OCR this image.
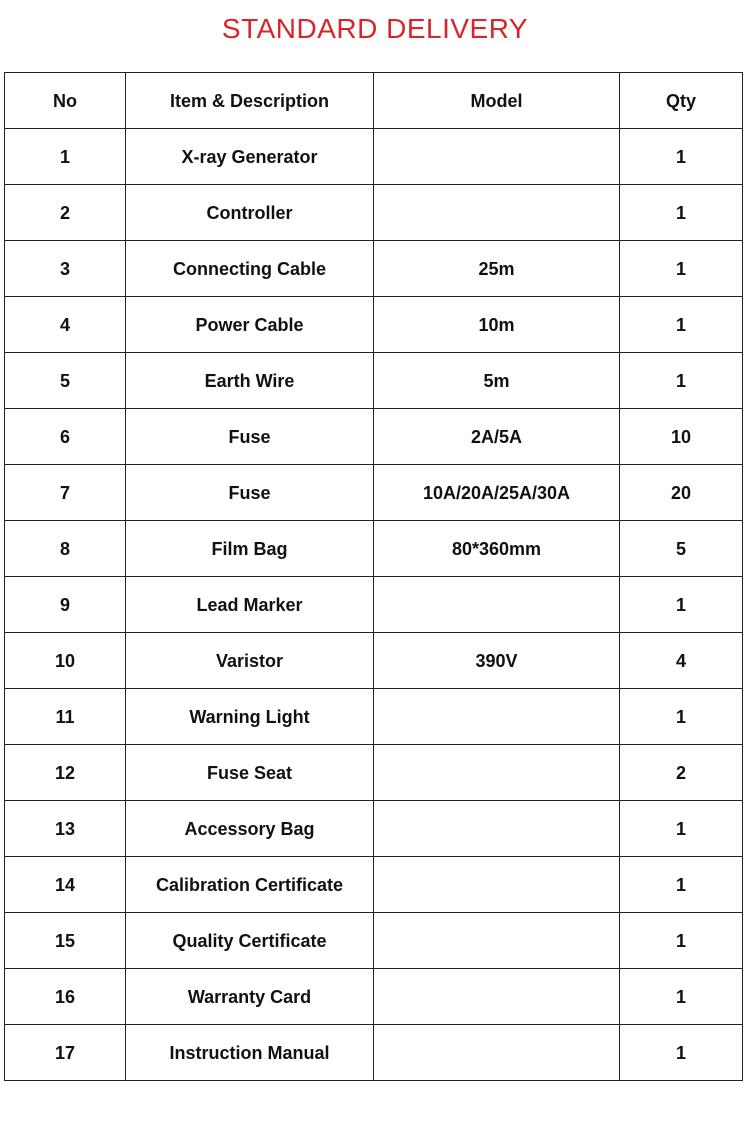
STANDARD DELIVERY
No	Item & Description	Model	Qty
1	X-ray Generator		1
2	Controller		1
3	Connecting Cable	25m	1
4	Power Cable	10m	1
5	Earth Wire	5m	1
6	Fuse	2A/5A	10
7	Fuse	10A/20A/25A/30A	20
8	Film Bag	80*360mm	5
9	Lead Marker		1
10	Varistor	390V	4
11	Warning Light		1
12	Fuse Seat		2
13	Accessory Bag		1
14	Calibration Certificate		1
15	Quality Certificate		1
16	Warranty Card		1
17	Instruction Manual		1
